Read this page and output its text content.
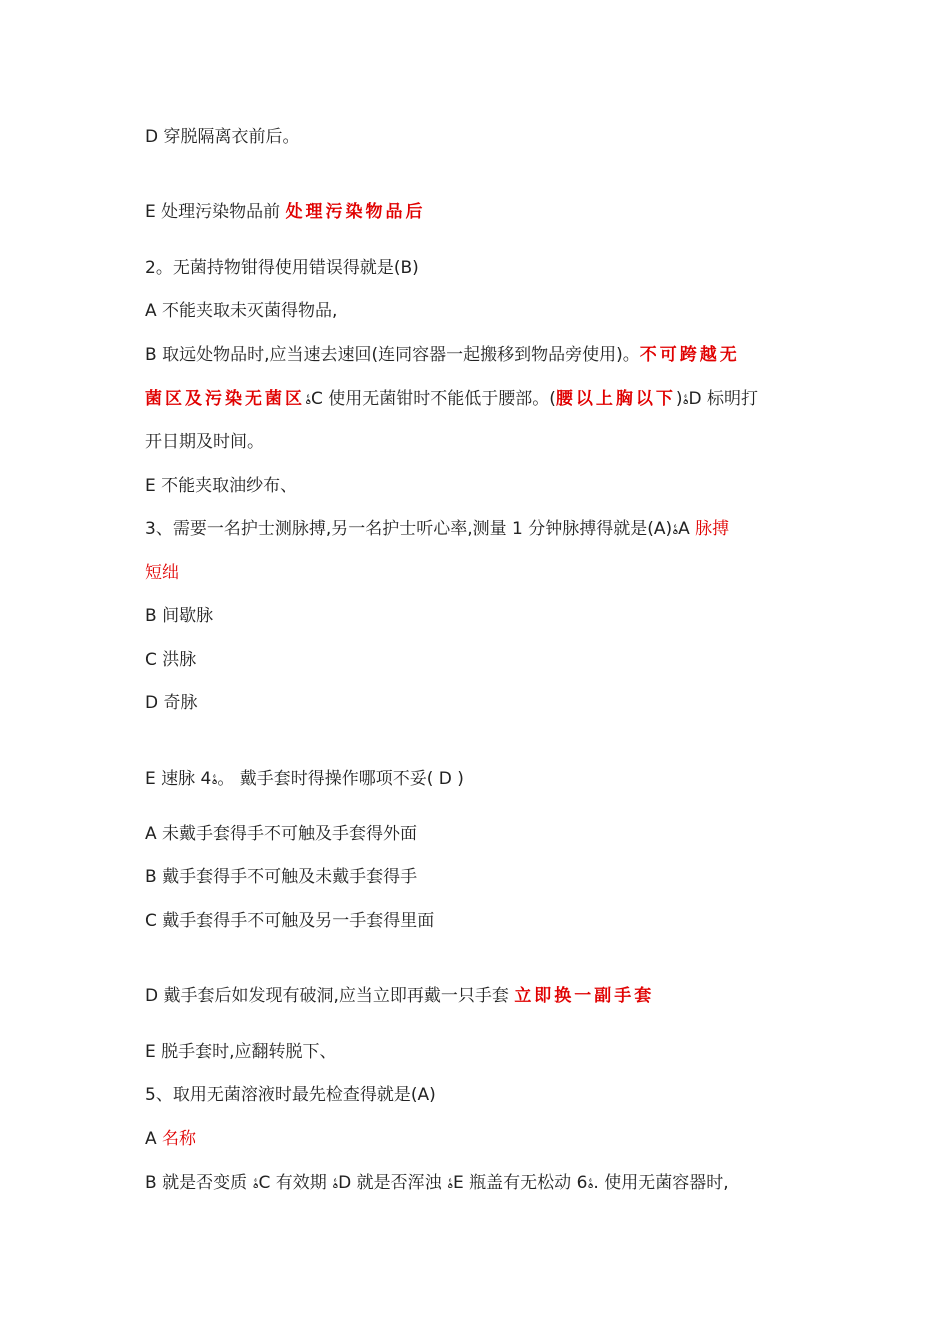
D 穿脱隔离衣前后。
E 处理污染物品前 处理污染物品后
2。无菌持物钳得使用错误得就是(B)
A 不能夹取未灭菌得物品,
B 取远处物品时,应当速去速回(连同容器一起搬移到物品旁使用)。不可跨越无
菌区及污染无菌区ﮤC 使用无菌钳时不能低于腰部。(腰以上胸以下)ﮤD 标明打
开日期及时间。
E 不能夹取油纱布、
3、需要一名护士测脉搏,另一名护士听心率,测量 1 分钟脉搏得就是(A)ﮤA 脉搏
短绌
B 间歇脉
C 洪脉
D 奇脉
E 速脉 4ﮤ。 戴手套时得操作哪项不妥( D )
A 未戴手套得手不可触及手套得外面
B 戴手套得手不可触及未戴手套得手
C 戴手套得手不可触及另一手套得里面
D 戴手套后如发现有破洞,应当立即再戴一只手套 立即换一副手套
E 脱手套时,应翻转脱下、
5、取用无菌溶液时最先检查得就是(A)
A 名称
B 就是否变质 ﮤC 有效期 ﮤD 就是否浑浊 ﮤE 瓶盖有无松动 6ﮤ. 使用无菌容器时,
